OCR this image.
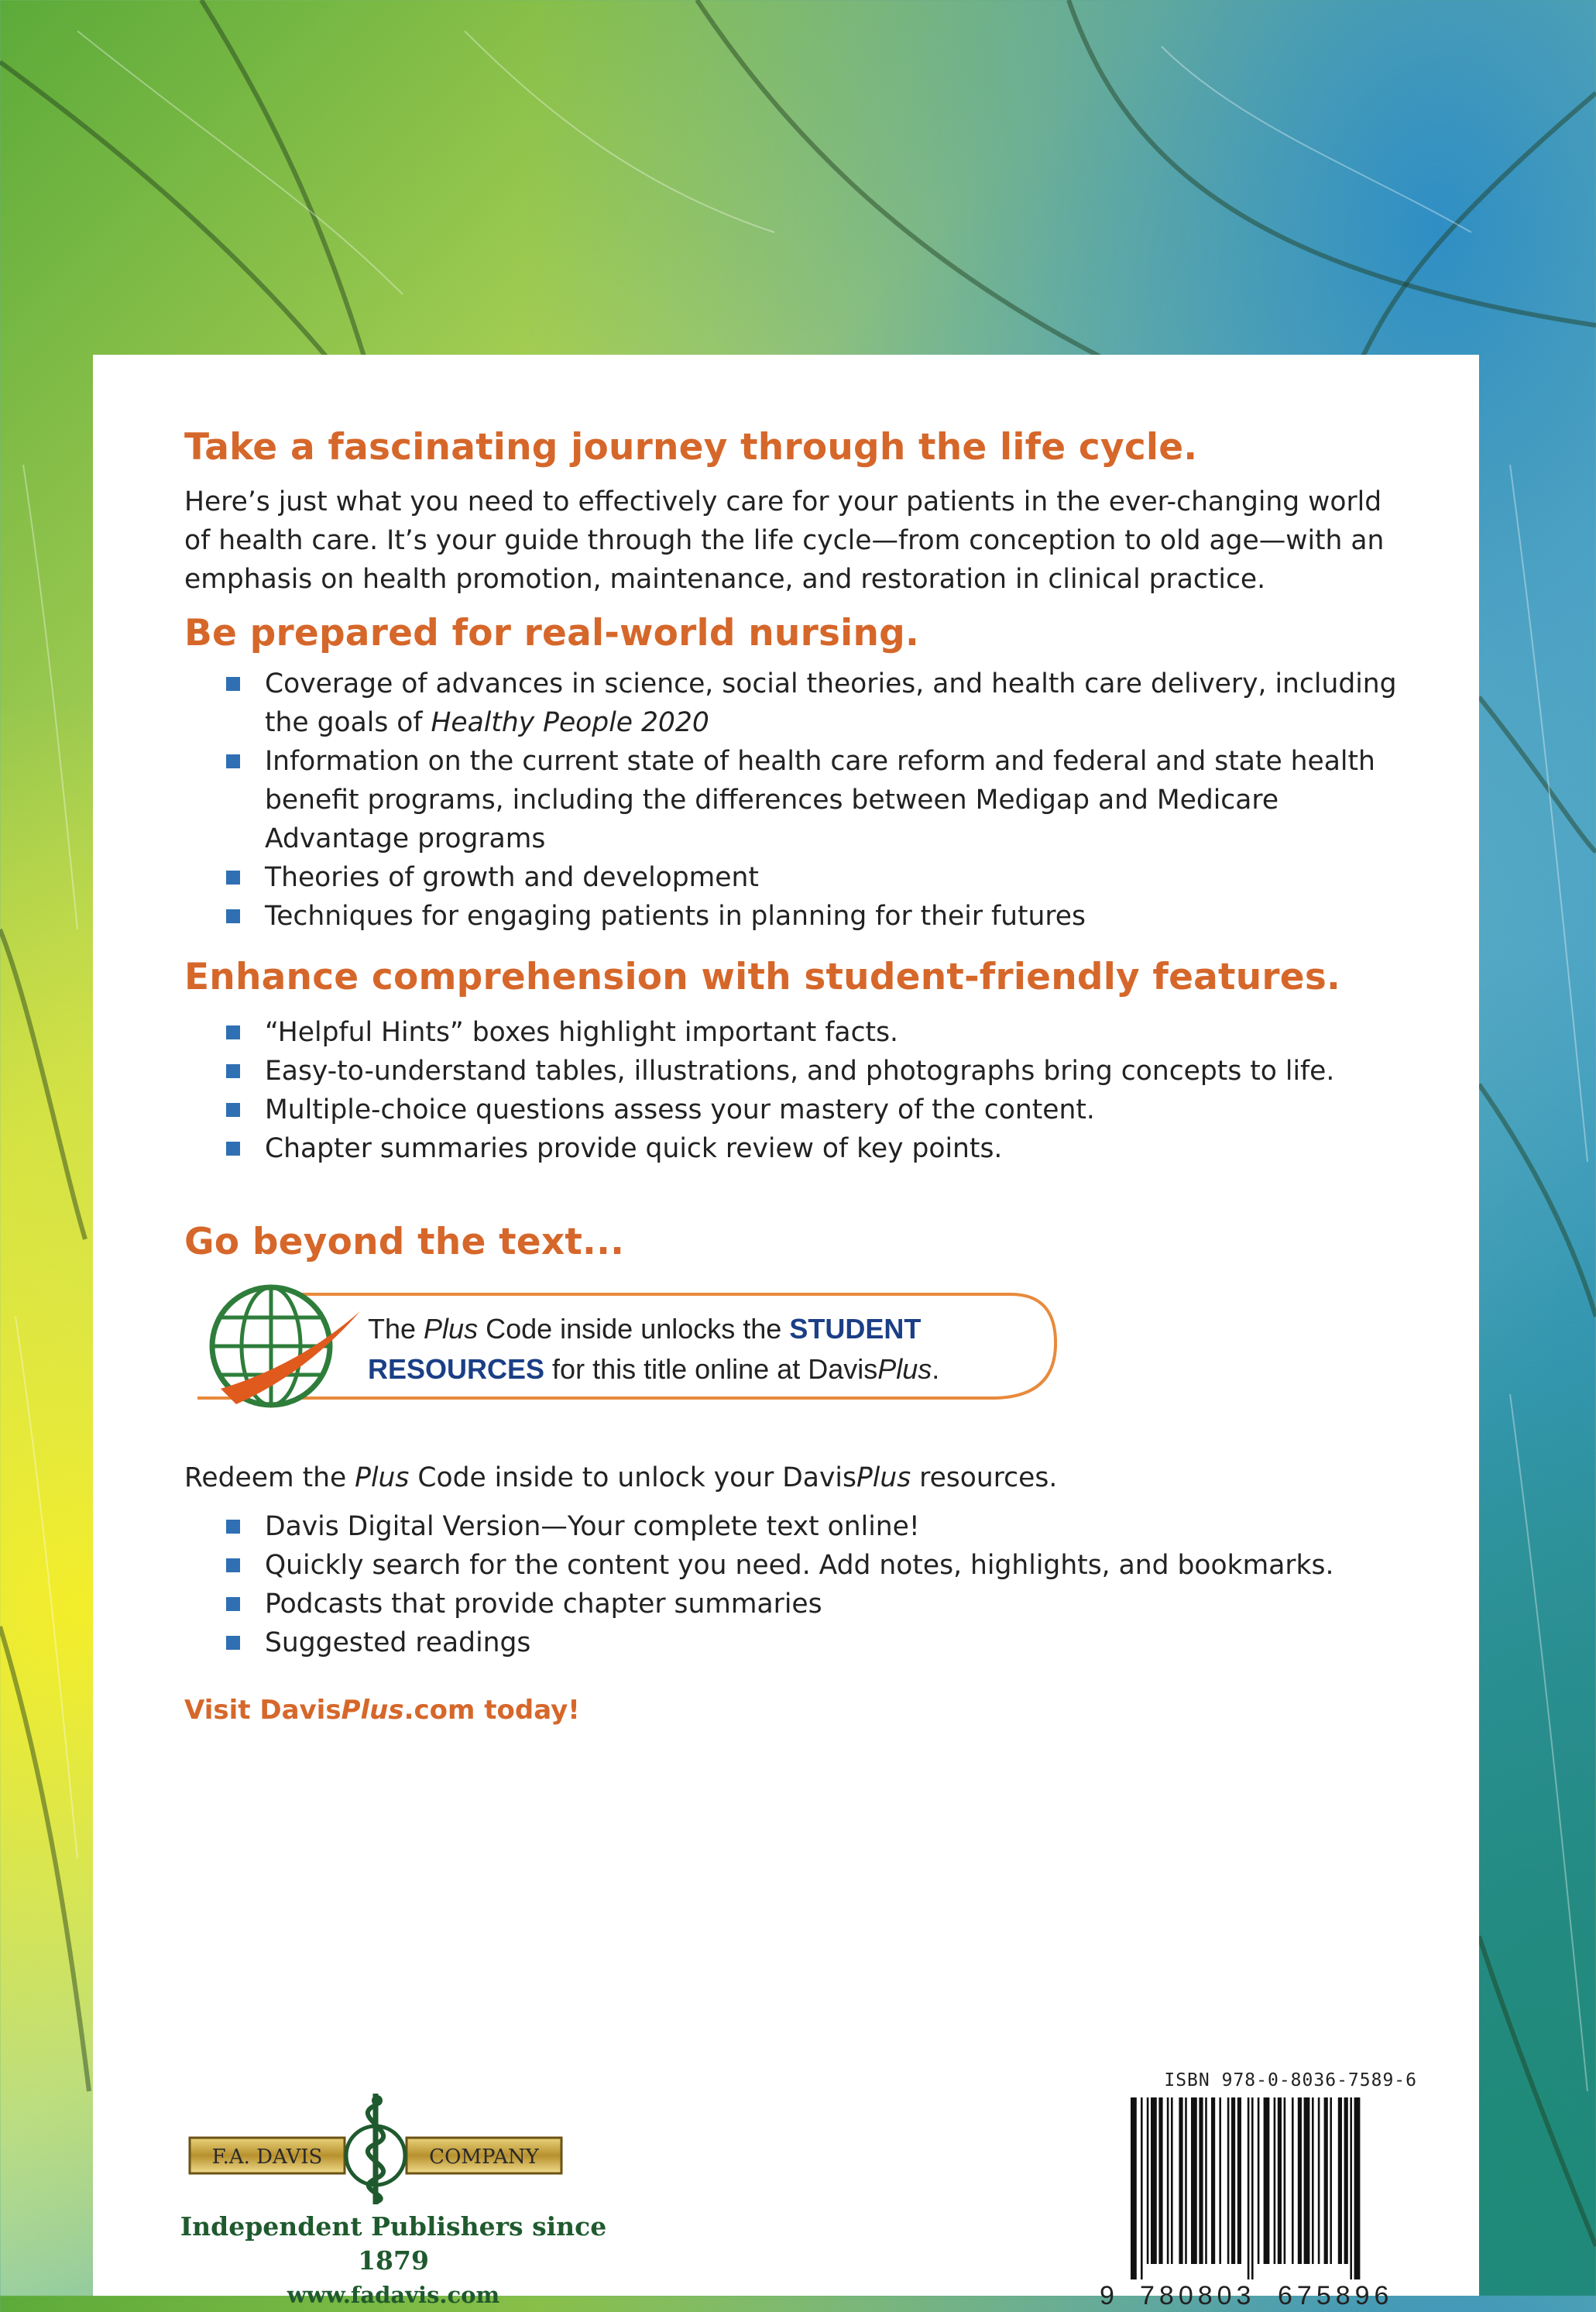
Take a fascinating journey through the life cycle.
Here’s just what you need to effectively care for your patients in the ever-changing world of health care. It’s your guide through the life cycle—from conception to old age—with an emphasis on health promotion, maintenance, and restoration in clinical practice.
Be prepared for real-world nursing.
Coverage of advances in science, social theories, and health care delivery, including the goals of Healthy People 2020
Information on the current state of health care reform and federal and state health benefit programs, including the differences between Medigap and Medicare Advantage programs
Theories of growth and development
Techniques for engaging patients in planning for their futures
Enhance comprehension with student-friendly features.
“Helpful Hints” boxes highlight important facts.
Easy-to-understand tables, illustrations, and photographs bring concepts to life.
Multiple-choice questions assess your mastery of the content.
Chapter summaries provide quick review of key points.
Go beyond the text...
The Plus Code inside unlocks the STUDENT
RESOURCES for this title online at DavisPlus.
Redeem the Plus Code inside to unlock your DavisPlus resources.
Davis Digital Version—Your complete text online!
Quickly search for the content you need. Add notes, highlights, and bookmarks.
Podcasts that provide chapter summaries
Suggested readings
Visit DavisPlus.com today!
F.A. DAVIS	COMPANY
Independent Publishers since 1879
www.fadavis.com
ISBN 978-0-8036-7589-6
9 780803 675896
